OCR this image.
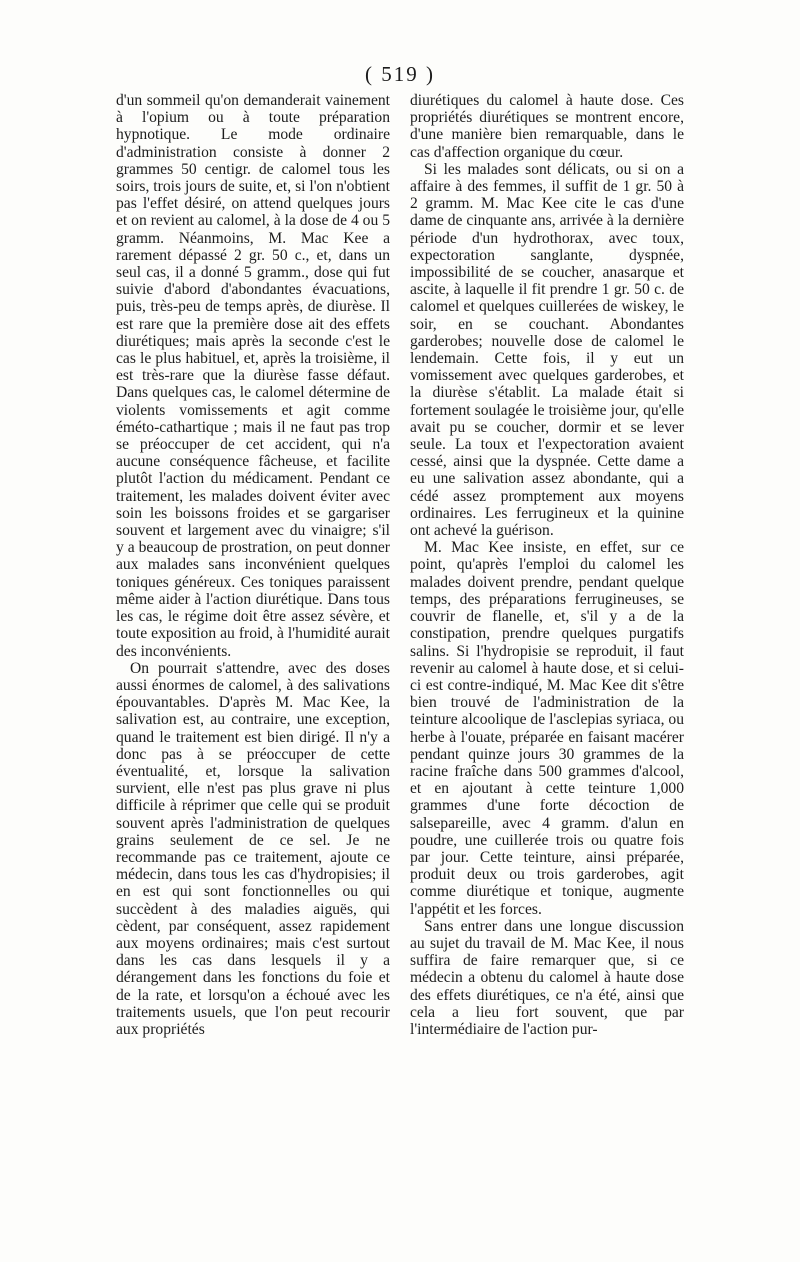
( 519 )

d'un sommeil qu'on demanderait vainement à l'opium ou à toute préparation hypnotique. Le mode ordinaire d'administration consiste à donner 2 grammes 50 centigr. de calomel tous les soirs, trois jours de suite, et, si l'on n'obtient pas l'effet désiré, on attend quelques jours et on revient au calomel, à la dose de 4 ou 5 gramm. Néanmoins, M. Mac Kee a rarement dépassé 2 gr. 50 c., et, dans un seul cas, il a donné 5 gramm., dose qui fut suivie d'abord d'abondantes évacuations, puis, très-peu de temps après, de diurèse. Il est rare que la première dose ait des effets diurétiques; mais après la seconde c'est le cas le plus habituel, et, après la troisième, il est très-rare que la diurèse fasse défaut. Dans quelques cas, le calomel détermine de violents vomissements et agit comme éméto-cathartique ; mais il ne faut pas trop se préoccuper de cet accident, qui n'a aucune conséquence fâcheuse, et facilite plutôt l'action du médicament. Pendant ce traitement, les malades doivent éviter avec soin les boissons froides et se gargariser souvent et largement avec du vinaigre; s'il y a beaucoup de prostration, on peut donner aux malades sans inconvénient quelques toniques généreux. Ces toniques paraissent même aider à l'action diurétique. Dans tous les cas, le régime doit être assez sévère, et toute exposition au froid, à l'humidité aurait des inconvénients.

On pourrait s'attendre, avec des doses aussi énormes de calomel, à des salivations épouvantables. D'après M. Mac Kee, la salivation est, au contraire, une exception, quand le traitement est bien dirigé. Il n'y a donc pas à se préoccuper de cette éventualité, et, lorsque la salivation survient, elle n'est pas plus grave ni plus difficile à réprimer que celle qui se produit souvent après l'administration de quelques grains seulement de ce sel. Je ne recommande pas ce traitement, ajoute ce médecin, dans tous les cas d'hydropisies; il en est qui sont fonctionnelles ou qui succèdent à des maladies aiguës, qui cèdent, par conséquent, assez rapidement aux moyens ordinaires; mais c'est surtout dans les cas dans lesquels il y a dérangement dans les fonctions du foie et de la rate, et lorsqu'on a échoué avec les traitements usuels, que l'on peut recourir aux propriétés

diurétiques du calomel à haute dose. Ces propriétés diurétiques se montrent encore, d'une manière bien remarquable, dans le cas d'affection organique du cœur.

Si les malades sont délicats, ou si on a affaire à des femmes, il suffit de 1 gr. 50 à 2 gramm. M. Mac Kee cite le cas d'une dame de cinquante ans, arrivée à la dernière période d'un hydrothorax, avec toux, expectoration sanglante, dyspnée, impossibilité de se coucher, anasarque et ascite, à laquelle il fit prendre 1 gr. 50 c. de calomel et quelques cuillerées de wiskey, le soir, en se couchant. Abondantes garderobes; nouvelle dose de calomel le lendemain. Cette fois, il y eut un vomissement avec quelques garderobes, et la diurèse s'établit. La malade était si fortement soulagée le troisième jour, qu'elle avait pu se coucher, dormir et se lever seule. La toux et l'expectoration avaient cessé, ainsi que la dyspnée. Cette dame a eu une salivation assez abondante, qui a cédé assez promptement aux moyens ordinaires. Les ferrugineux et la quinine ont achevé la guérison.

M. Mac Kee insiste, en effet, sur ce point, qu'après l'emploi du calomel les malades doivent prendre, pendant quelque temps, des préparations ferrugineuses, se couvrir de flanelle, et, s'il y a de la constipation, prendre quelques purgatifs salins. Si l'hydropisie se reproduit, il faut revenir au calomel à haute dose, et si celui-ci est contre-indiqué, M. Mac Kee dit s'être bien trouvé de l'administration de la teinture alcoolique de l'asclepias syriaca, ou herbe à l'ouate, préparée en faisant macérer pendant quinze jours 30 grammes de la racine fraîche dans 500 grammes d'alcool, et en ajoutant à cette teinture 1,000 grammes d'une forte décoction de salsepareille, avec 4 gramm. d'alun en poudre, une cuillerée trois ou quatre fois par jour. Cette teinture, ainsi préparée, produit deux ou trois garderobes, agit comme diurétique et tonique, augmente l'appétit et les forces.

Sans entrer dans une longue discussion au sujet du travail de M. Mac Kee, il nous suffira de faire remarquer que, si ce médecin a obtenu du calomel à haute dose des effets diurétiques, ce n'a été, ainsi que cela a lieu fort souvent, que par l'intermédiaire de l'action pur-
